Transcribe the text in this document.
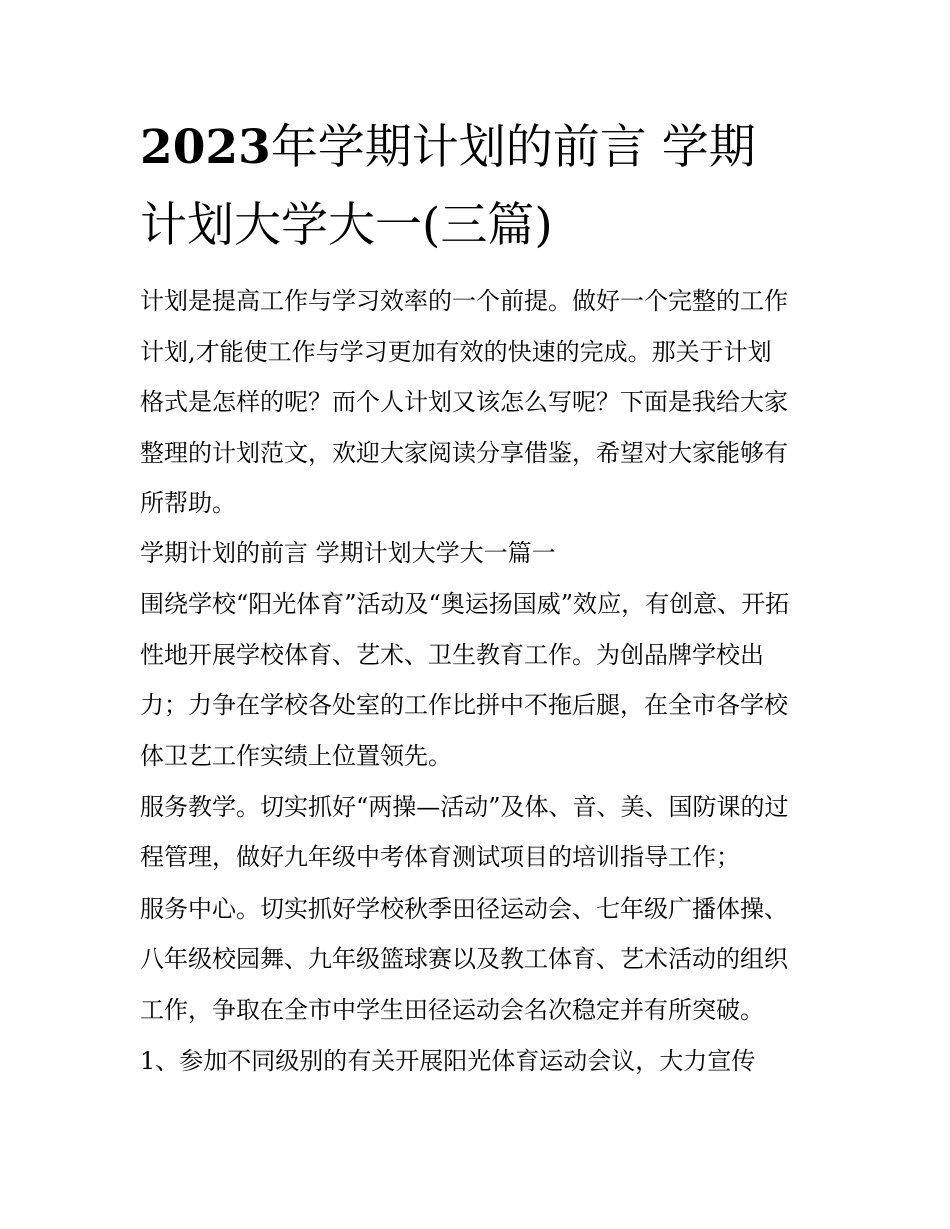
2023年学期计划的前言 学期
计划大学大一(三篇)
计划是提高工作与学习效率的一个前提。做好一个完整的工作
计划,才能使工作与学习更加有效的快速的完成。那关于计划
格式是怎样的呢？而个人计划又该怎么写呢？下面是我给大家
整理的计划范文，欢迎大家阅读分享借鉴，希望对大家能够有
所帮助。
学期计划的前言 学期计划大学大一篇一
围绕学校“阳光体育”活动及“奥运扬国威”效应，有创意、开拓
性地开展学校体育、艺术、卫生教育工作。为创品牌学校出
力；力争在学校各处室的工作比拼中不拖后腿，在全市各学校
体卫艺工作实绩上位置领先。
服务教学。切实抓好“两操—活动”及体、音、美、国防课的过
程管理，做好九年级中考体育测试项目的培训指导工作；
服务中心。切实抓好学校秋季田径运动会、七年级广播体操、
八年级校园舞、九年级篮球赛以及教工体育、艺术活动的组织
工作，争取在全市中学生田径运动会名次稳定并有所突破。
1、参加不同级别的有关开展阳光体育运动会议，大力宣传
